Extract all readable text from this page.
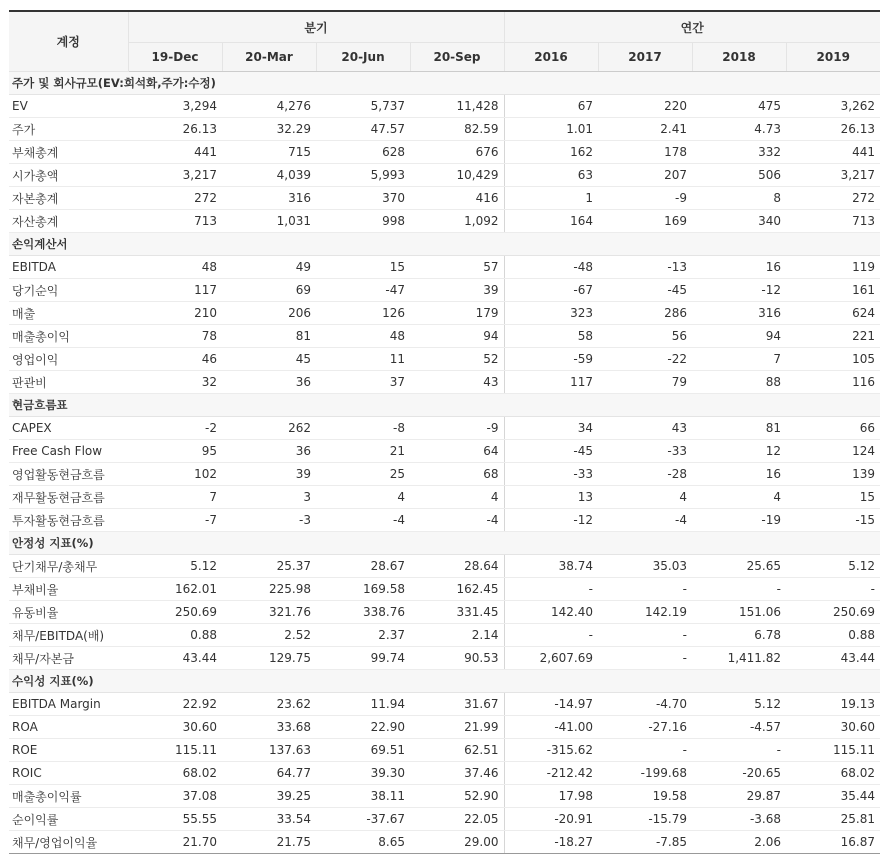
계정	분기				연간			
	19-Dec	20-Mar	20-Jun	20-Sep	2016	2017	2018	2019
주가 및 회사규모(EV:희석화,주가:수정)								
EV	3,294	4,276	5,737	11,428	67	220	475	3,262
주가	26.13	32.29	47.57	82.59	1.01	2.41	4.73	26.13
부채총계	441	715	628	676	162	178	332	441
시가총액	3,217	4,039	5,993	10,429	63	207	506	3,217
자본총계	272	316	370	416	1	-9	8	272
자산총계	713	1,031	998	1,092	164	169	340	713
손익계산서								
EBITDA	48	49	15	57	-48	-13	16	119
당기순익	117	69	-47	39	-67	-45	-12	161
매출	210	206	126	179	323	286	316	624
매출총이익	78	81	48	94	58	56	94	221
영업이익	46	45	11	52	-59	-22	7	105
판관비	32	36	37	43	117	79	88	116
현금흐름표								
CAPEX	-2	262	-8	-9	34	43	81	66
Free Cash Flow	95	36	21	64	-45	-33	12	124
영업활동현금흐름	102	39	25	68	-33	-28	16	139
재무활동현금흐름	7	3	4	4	13	4	4	15
투자활동현금흐름	-7	-3	-4	-4	-12	-4	-19	-15
안정성 지표(%)								
단기채무/총채무	5.12	25.37	28.67	28.64	38.74	35.03	25.65	5.12
부채비율	162.01	225.98	169.58	162.45	-	-	-	-
유동비율	250.69	321.76	338.76	331.45	142.40	142.19	151.06	250.69
채무/EBITDA(배)	0.88	2.52	2.37	2.14	-	-	6.78	0.88
채무/자본금	43.44	129.75	99.74	90.53	2,607.69	-	1,411.82	43.44
수익성 지표(%)								
EBITDA Margin	22.92	23.62	11.94	31.67	-14.97	-4.70	5.12	19.13
ROA	30.60	33.68	22.90	21.99	-41.00	-27.16	-4.57	30.60
ROE	115.11	137.63	69.51	62.51	-315.62	-	-	115.11
ROIC	68.02	64.77	39.30	37.46	-212.42	-199.68	-20.65	68.02
매출총이익률	37.08	39.25	38.11	52.90	17.98	19.58	29.87	35.44
순이익률	55.55	33.54	-37.67	22.05	-20.91	-15.79	-3.68	25.81
채무/영업이익율	21.70	21.75	8.65	29.00	-18.27	-7.85	2.06	16.87
